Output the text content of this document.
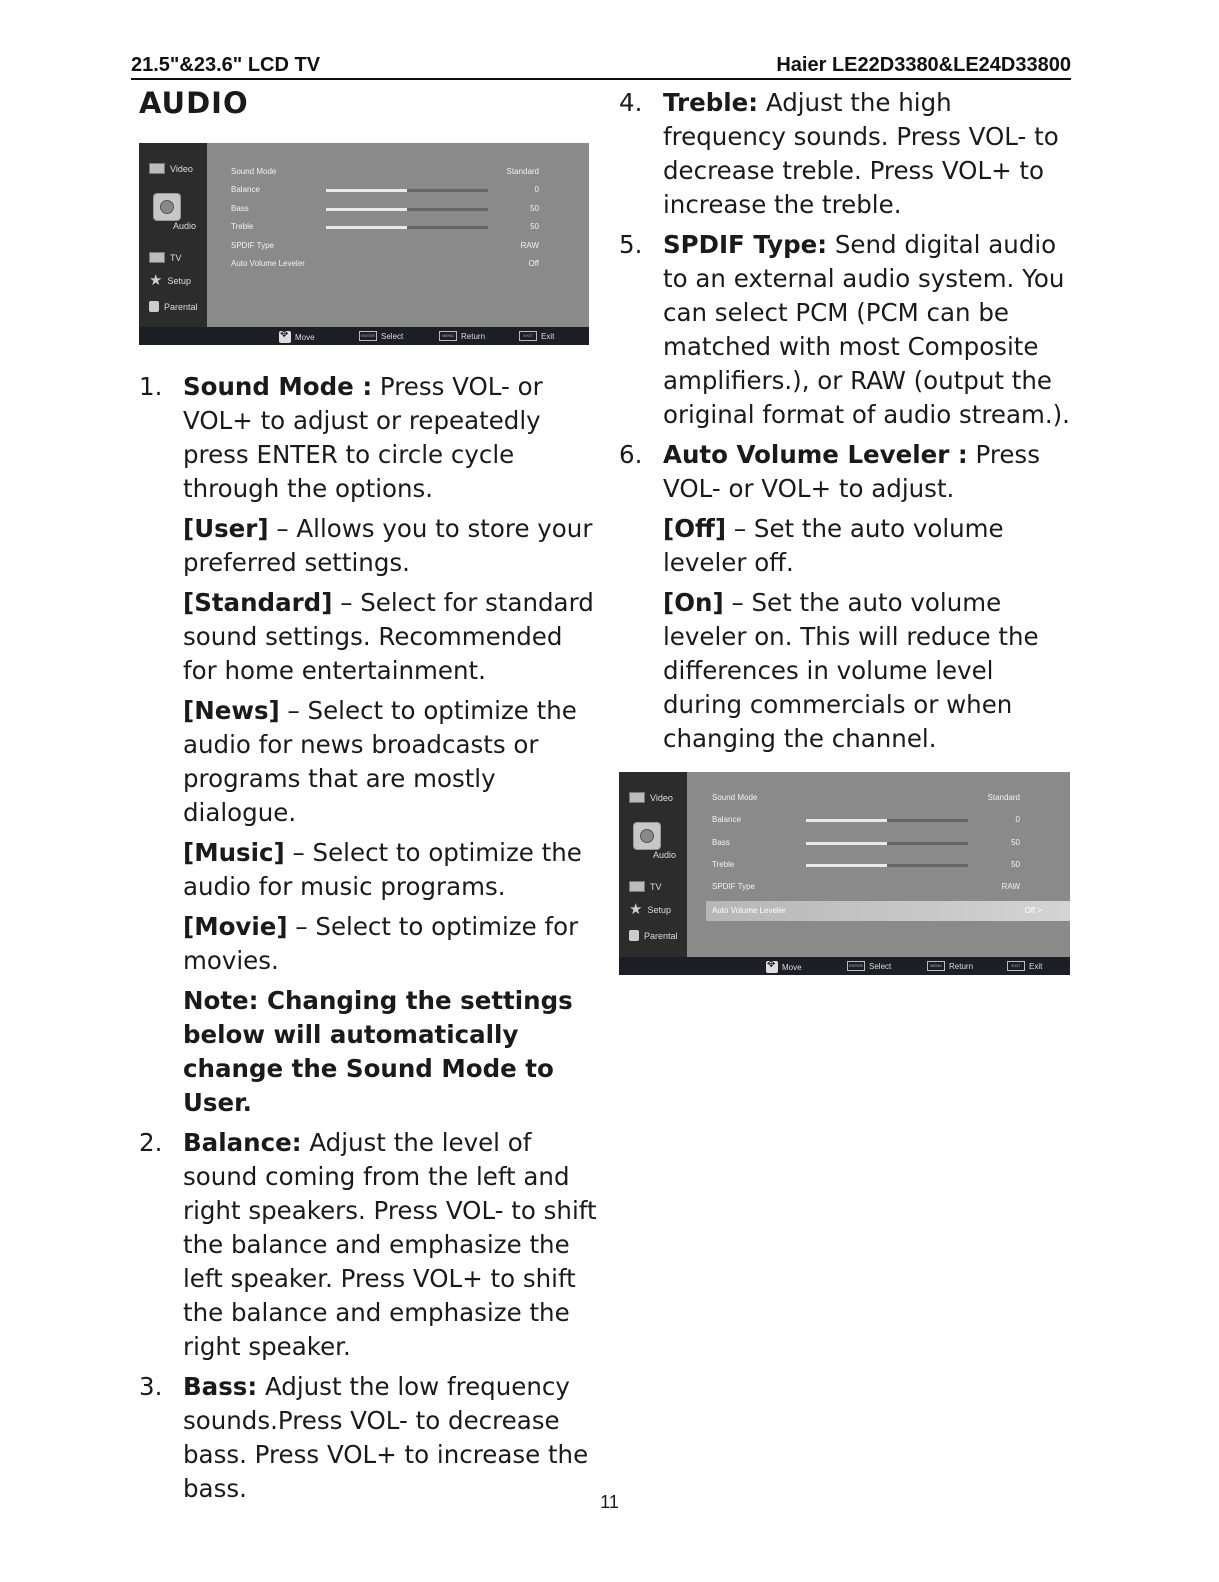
21.5"&23.6" LCD TV	Haier LE22D3380&LE24D33800
AUDIO
Video
Audio
TV
★ Setup
Parental
Sound Mode	Standard
Balance	0
Bass	50
Treble	50
SPDIF Type	RAW
Auto Volume Leveler	Off
✥
Move	ENTER Select	MENU Return	EXIT	Exit
1. Sound Mode : Press VOL- or VOL+ to adjust or repeatedly press ENTER to circle cycle through the options.
[User] – Allows you to store your preferred settings.
[Standard] – Select for standard sound settings. Recommended for home entertainment.
[News] – Select to optimize the audio for news broadcasts or programs that are mostly dialogue.
[Music] – Select to optimize the audio for music programs.
[Movie] – Select to optimize for movies.
Note: Changing the settings below will automatically change the Sound Mode to User.
2. Balance: Adjust the level of sound coming from the left and right speakers. Press VOL- to shift the balance and emphasize the left speaker. Press VOL+ to shift the balance and emphasize the right speaker.
3. Bass: Adjust the low frequency sounds.Press VOL- to decrease bass. Press VOL+ to increase the bass.
4. Treble: Adjust the high frequency sounds. Press VOL- to decrease treble. Press VOL+ to increase the treble.
5. SPDIF Type: Send digital audio to an external audio system. You can select PCM (PCM can be matched with most Composite amplifiers.), or RAW (output the original format of audio stream.).
6. Auto Volume Leveler : Press VOL- or VOL+ to adjust.
[Off] – Set the auto volume leveler off.
[On] – Set the auto volume leveler on. This will reduce the differences in volume level during commercials or when changing the channel.
Video
Audio
TV
★ Setup
Parental
Sound Mode	Standard
Balance	0
Bass	50
Treble	50
SPDIF Type	RAW
Auto Volume Leveler	Off >
✥
Move	ENTER Select	MENU Return	EXIT	Exit
11
